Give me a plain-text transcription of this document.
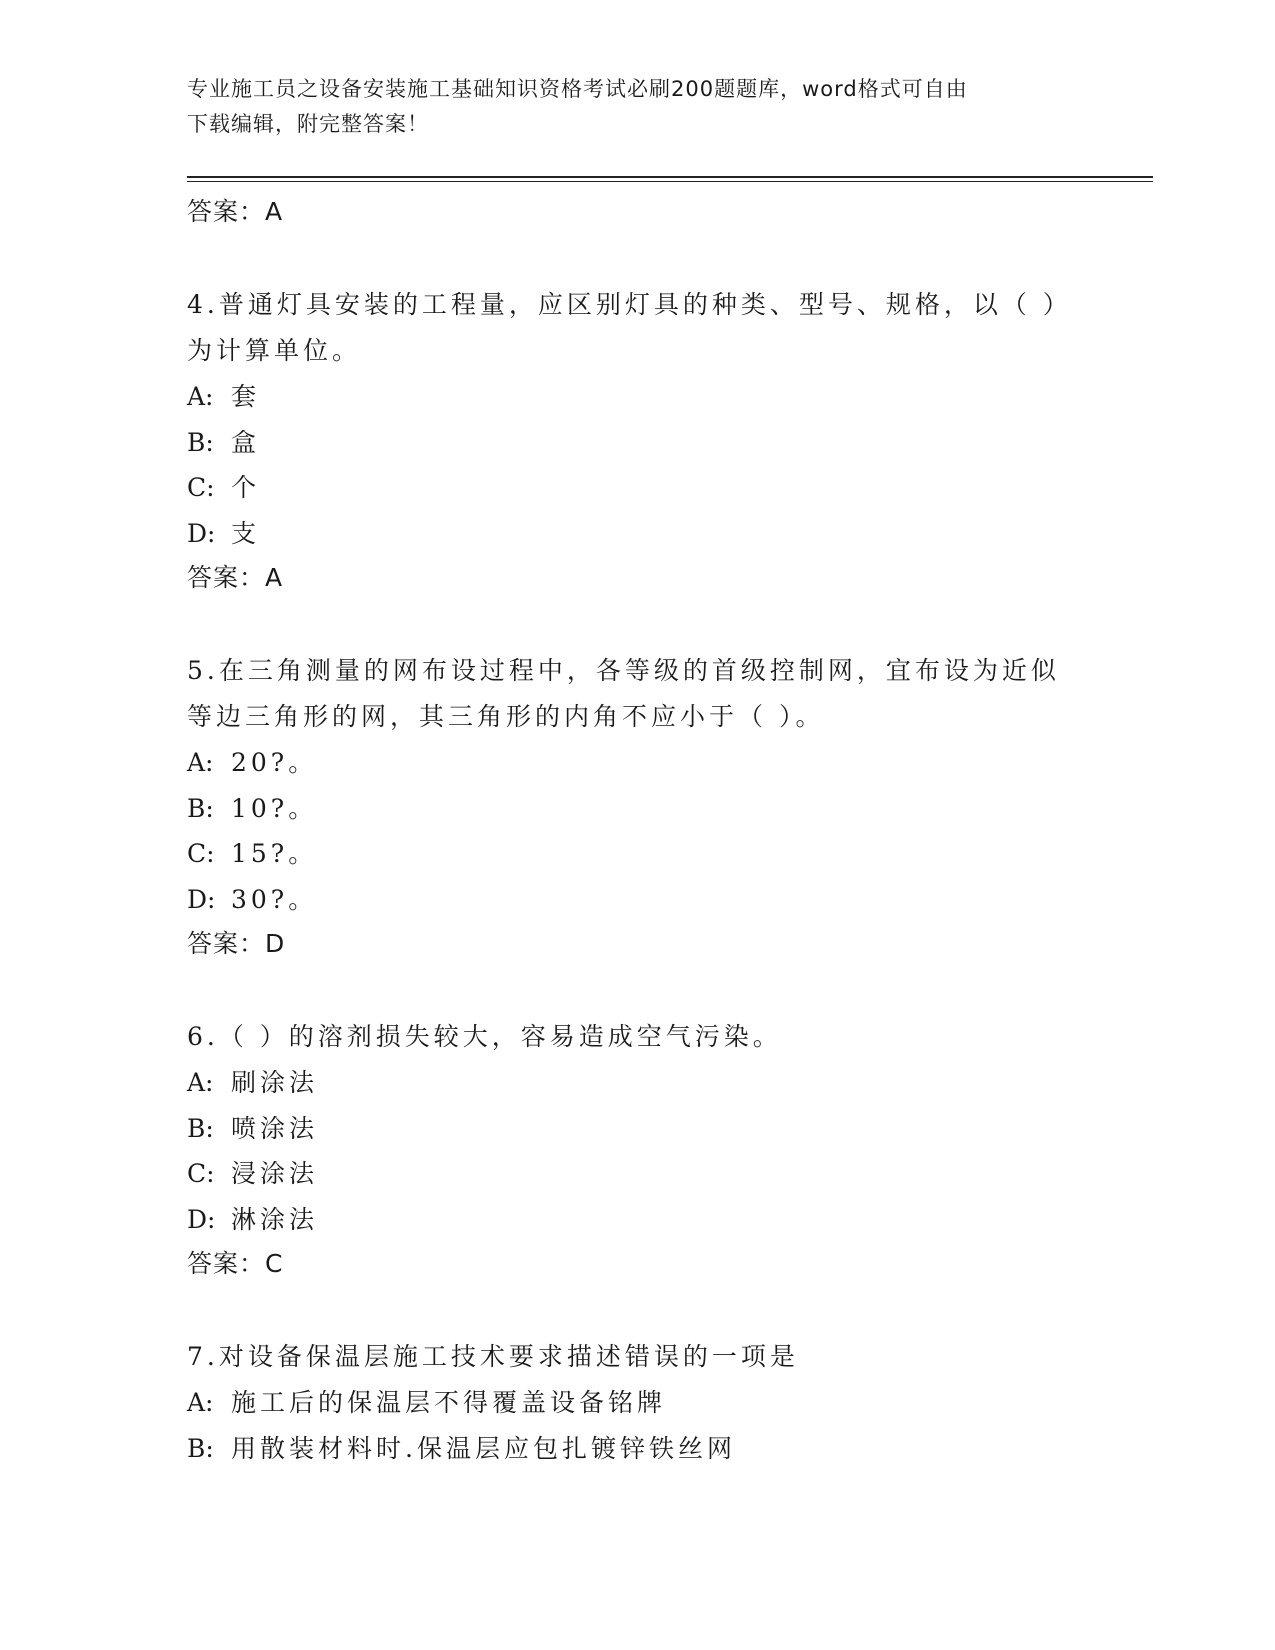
专业施工员之设备安装施工基础知识资格考试必刷200题题库，word格式可自由
下载编辑，附完整答案！
答案：A
4.普通灯具安装的工程量，应区别灯具的种类、型号、规格，以（ ）为计算单位。
A: 套
B: 盒
C: 个
D: 支
答案：A
5.在三角测量的网布设过程中，各等级的首级控制网，宜布设为近似等边三角形的网，其三角形的内角不应小于（ ）。
A: 20?。
B: 10?。
C: 15?。
D: 30?。
答案：D
6.（ ）的溶剂损失较大，容易造成空气污染。
A: 刷涂法
B: 喷涂法
C: 浸涂法
D: 淋涂法
答案：C
7.对设备保温层施工技术要求描述错误的一项是
A: 施工后的保温层不得覆盖设备铭牌
B: 用散装材料时.保温层应包扎镀锌铁丝网
